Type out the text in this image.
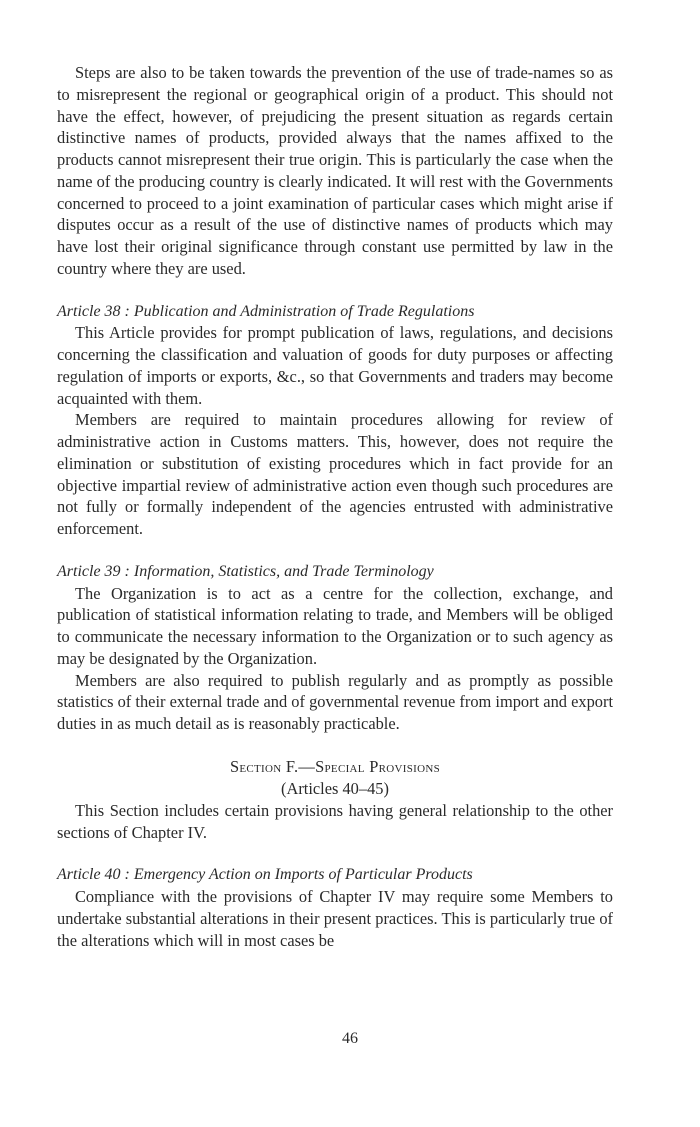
Steps are also to be taken towards the prevention of the use of trade-names so as to misrepresent the regional or geographical origin of a product. This should not have the effect, however, of prejudicing the present situation as regards certain distinctive names of products, provided always that the names affixed to the products cannot misrepresent their true origin. This is particularly the case when the name of the producing country is clearly indicated. It will rest with the Governments concerned to proceed to a joint examination of particular cases which might arise if disputes occur as a result of the use of distinctive names of products which may have lost their original significance through constant use permitted by law in the country where they are used.

Article 38 : Publication and Administration of Trade Regulations

This Article provides for prompt publication of laws, regulations, and decisions concerning the classification and valuation of goods for duty purposes or affecting regulation of imports or exports, &c., so that Governments and traders may become acquainted with them.

Members are required to maintain procedures allowing for review of administrative action in Customs matters. This, however, does not require the elimination or substitution of existing procedures which in fact provide for an objective impartial review of administrative action even though such procedures are not fully or formally independent of the agencies entrusted with administrative enforcement.

Article 39 : Information, Statistics, and Trade Terminology

The Organization is to act as a centre for the collection, exchange, and publication of statistical information relating to trade, and Members will be obliged to communicate the necessary information to the Organization or to such agency as may be designated by the Organization.

Members are also required to publish regularly and as promptly as possible statistics of their external trade and of governmental revenue from import and export duties in as much detail as is reasonably practicable.

Section F.—Special Provisions

(Articles 40–45)

This Section includes certain provisions having general relationship to the other sections of Chapter IV.

Article 40 : Emergency Action on Imports of Particular Products

Compliance with the provisions of Chapter IV may require some Members to undertake substantial alterations in their present practices. This is particularly true of the alterations which will in most cases be

46
